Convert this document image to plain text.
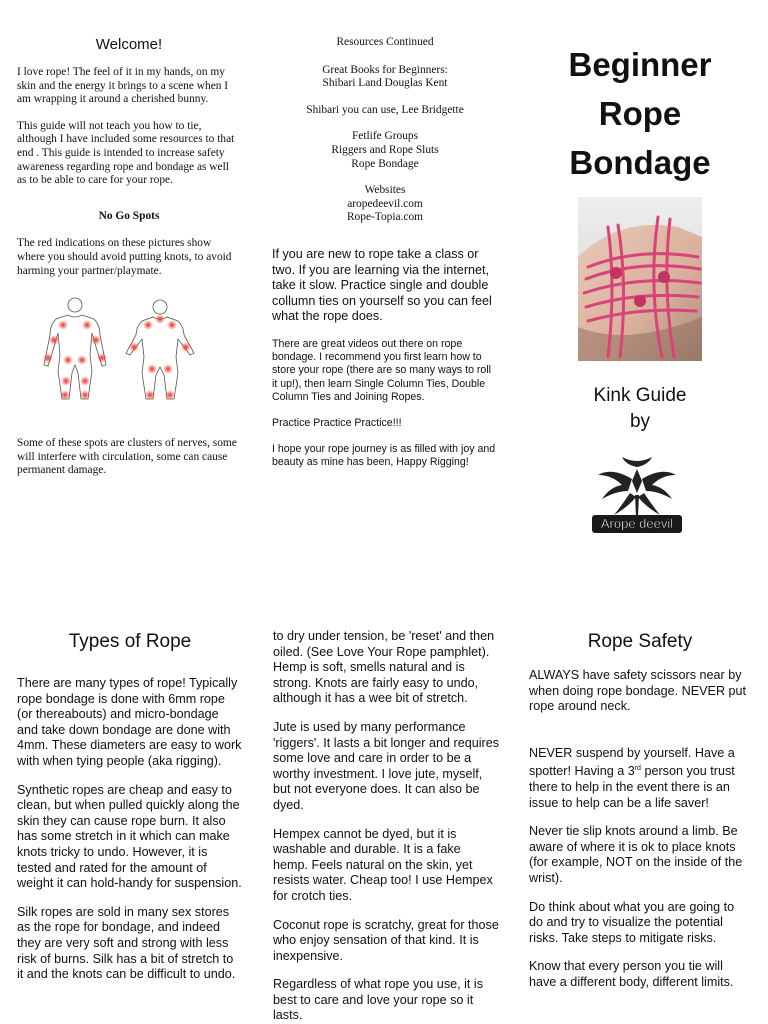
Welcome!

I love rope! The feel of it in my hands, on my skin and the energy it brings to a scene when I am wrapping it around a cherished bunny.

This guide will not teach you how to tie, although I have included some resources to that end . This guide is intended to increase safety awareness regarding rope and bondage as well as to be able to care for your rope.

No Go Spots

The red indications on these pictures show where you should avoid putting knots, to avoid harming your partner/playmate.

Some of these spots are clusters of nerves, some will interfere with circulation, some can cause permanent damage.

Resources Continued

Great Books for Beginners:

Shibari Land Douglas Kent

Shibari you can use, Lee Bridgette

Fetlife Groups

Riggers and Rope Sluts

Rope Bondage

Websites

aropedeevil.com

Rope-Topia.com

If you are new to rope take a class or two. If you are learning via the internet, take it slow. Practice single and double collumn ties on yourself so you can feel what the rope does.

There are great videos out there on rope bondage. I recommend you first learn how to store your rope (there are so many ways to roll it up!), then learn Single Column Ties, Double Column Ties and Joining Ropes.

Practice Practice Practice!!!

I hope your rope journey is as filled with joy and beauty as mine has been, Happy Rigging!

Beginner
Rope
Bondage
Kink Guide
by
Arope deevil
Types of Rope

There are many types of rope! Typically rope bondage is done with 6mm rope (or thereabouts) and micro-bondage and take down bondage are done with 4mm. These diameters are easy to work with when tying people (aka rigging).

Synthetic ropes are cheap and easy to clean, but when pulled quickly along the skin they can cause rope burn. It also has some stretch in it which can make knots tricky to undo. However, it is tested and rated for the amount of weight it can hold-handy for suspension.

Silk ropes are sold in many sex stores as the rope for bondage, and indeed they are very soft and strong with less risk of burns. Silk has a bit of stretch to it and the knots can be difficult to undo.

to dry under tension, be 'reset' and then oiled. (See Love Your Rope pamphlet). Hemp is soft, smells natural and is strong. Knots are fairly easy to undo, although it has a wee bit of stretch.

Jute is used by many performance 'riggers'. It lasts a bit longer and requires some love and care in order to be a worthy investment. I love jute, myself, but not everyone does. It can also be dyed.

Hempex cannot be dyed, but it is washable and durable. It is a fake hemp. Feels natural on the skin, yet resists water. Cheap too! I use Hempex for crotch ties.

Coconut rope is scratchy, great for those who enjoy sensation of that kind. It is inexpensive.

Regardless of what rope you use, it is best to care and love your rope so it lasts.

Rope Safety

ALWAYS have safety scissors near by when doing rope bondage. NEVER put rope around neck.

NEVER suspend by yourself. Have a spotter! Having a 3rd person you trust there to help in the event there is an issue to help can be a life saver!

Never tie slip knots around a limb. Be aware of where it is ok to place knots (for example, NOT on the inside of the wrist).

Do think about what you are going to do and try to visualize the potential risks. Take steps to mitigate risks.

Know that every person you tie will have a different body, different limits.
